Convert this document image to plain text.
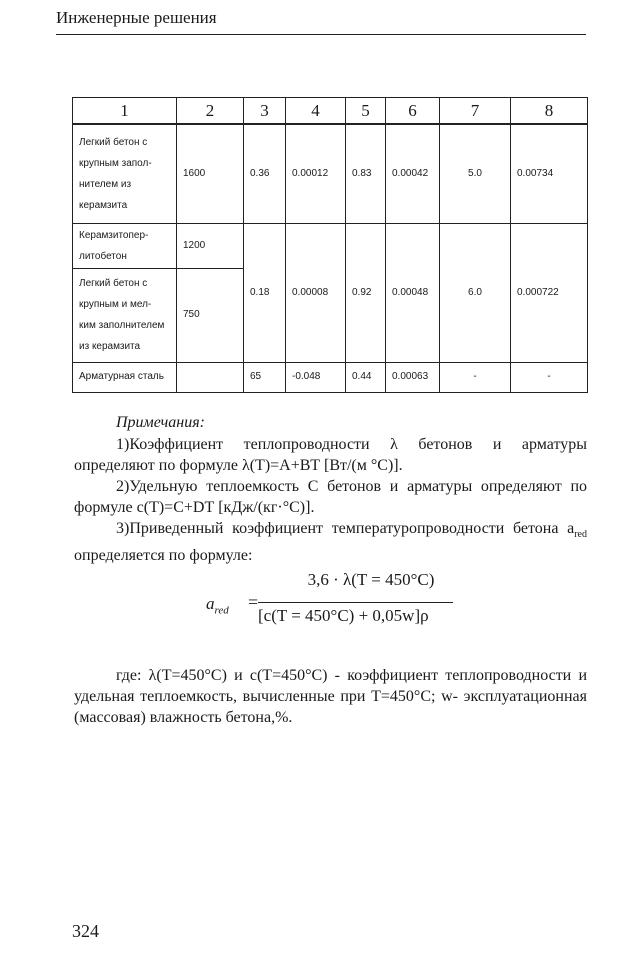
Инженерные решения
1	2	3	4	5	6	7	8

Легкий бетон с
крупным запол-
нителем из
керамзита	1600	0.36	0.00012	0.83	0.00042	5.0	0.00734

Керамзитопер-
литобетон	1200	0.18	0.00008	0.92	0.00048	6.0	0.000722

Легкий бетон с
крупным и мел-
ким заполнителем
из керамзита	750						

Арматурная сталь		65	-0.048	0.44	0.00063	-	-

Примечания:

1)Коэффициент теплопроводности λ бетонов и арматуры определяют по формуле λ(Т)=А+ВТ [Вт/(м °С)].

2)Удельную теплоемкость С бетонов и арматуры определяют по формуле с(Т)=С+DТ [кДж/(кг·°С)].

3)Приведенный коэффициент температуропроводности бетона $a_{red}$ определяется по формуле:

$a_{red}$ =
3,6 · λ(T = 450°C)
[c(T = 450°C) + 0,05w]ρ

где: λ(Т=450°С) и с(Т=450°С) - коэффициент теплопроводности и удельная теплоемкость, вычисленные при Т=450°С; w- эксплуатационная (массовая) влажность бетона,%.

324
